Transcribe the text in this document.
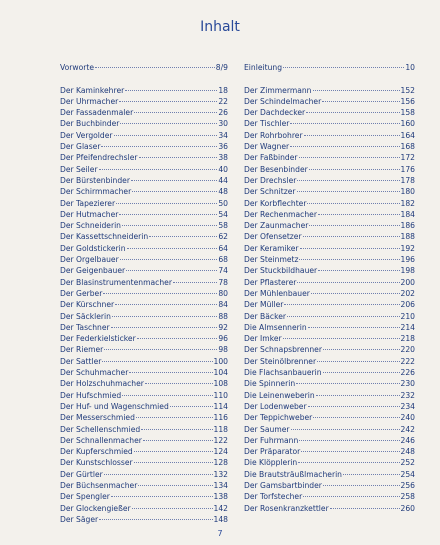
Inhalt
Vorworte	8/9
Der Kaminkehrer	18
Der Uhrmacher	22
Der Fassadenmaler	26
Der Buchbinder	30
Der Vergolder	34
Der Glaser	36
Der Pfeifendrechsler	38
Der Seiler	40
Der Bürstenbinder	44
Der Schirmmacher	48
Der Tapezierer	50
Der Hutmacher	54
Der Schneiderin	58
Der Kassettschneiderin	62
Der Goldstickerin	64
Der Orgelbauer	68
Der Geigenbauer	74
Der Blasinstrumentenmacher	78
Der Gerber	80
Der Kürschner	84
Der Säcklerin	88
Der Taschner	92
Der Federkielsticker	96
Der Riemer	98
Der Sattler	100
Der Schuhmacher	104
Der Holzschuhmacher	108
Der Hufschmied	110
Der Huf- und Wagenschmied	114
Der Messerschmied	116
Der Schellenschmied	118
Der Schnallenmacher	122
Der Kupferschmied	124
Der Kunstschlosser	128
Der Gürtler	132
Der Büchsenmacher	134
Der Spengler	138
Der Glockengießer	142
Der Säger	148
Einleitung	10
Der Zimmermann	152
Der Schindelmacher	156
Der Dachdecker	158
Der Tischler	160
Der Rohrbohrer	164
Der Wagner	168
Der Faßbinder	172
Der Besenbinder	176
Der Drechsler	178
Der Schnitzer	180
Der Korbflechter	182
Der Rechenmacher	184
Der Zaunmacher	186
Der Ofensetzer	188
Der Keramiker	192
Der Steinmetz	196
Der Stuckbildhauer	198
Der Pflasterer	200
Der Mühlenbauer	202
Der Müller	206
Der Bäcker	210
Die Almsennerin	214
Der Imker	218
Der Schnapsbrenner	220
Der Steinölbrenner	222
Die Flachsanbauerin	226
Die Spinnerin	230
Die Leinenweberin	232
Der Lodenweber	234
Der Teppichweber	240
Der Saumer	242
Der Fuhrmann	246
Der Präparator	248
Die Klöpplerin	252
Die Brautsträußlmacherin	254
Der Gamsbartbinder	256
Der Torfstecher	258
Der Rosenkranzkettler	260
7
